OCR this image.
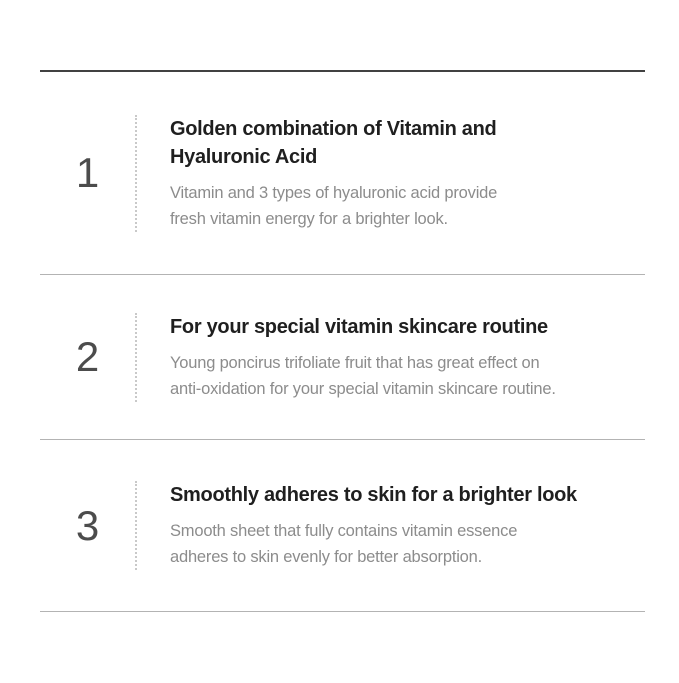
1
Golden combination of Vitamin and
Hyaluronic Acid

Vitamin and 3 types of hyaluronic acid provide
fresh vitamin energy for a brighter look.

2
For your special vitamin skincare routine

Young poncirus trifoliate fruit that has great effect on
anti-oxidation for your special vitamin skincare routine.

3
Smoothly adheres to skin for a brighter look

Smooth sheet that fully contains vitamin essence
adheres to skin evenly for better absorption.
